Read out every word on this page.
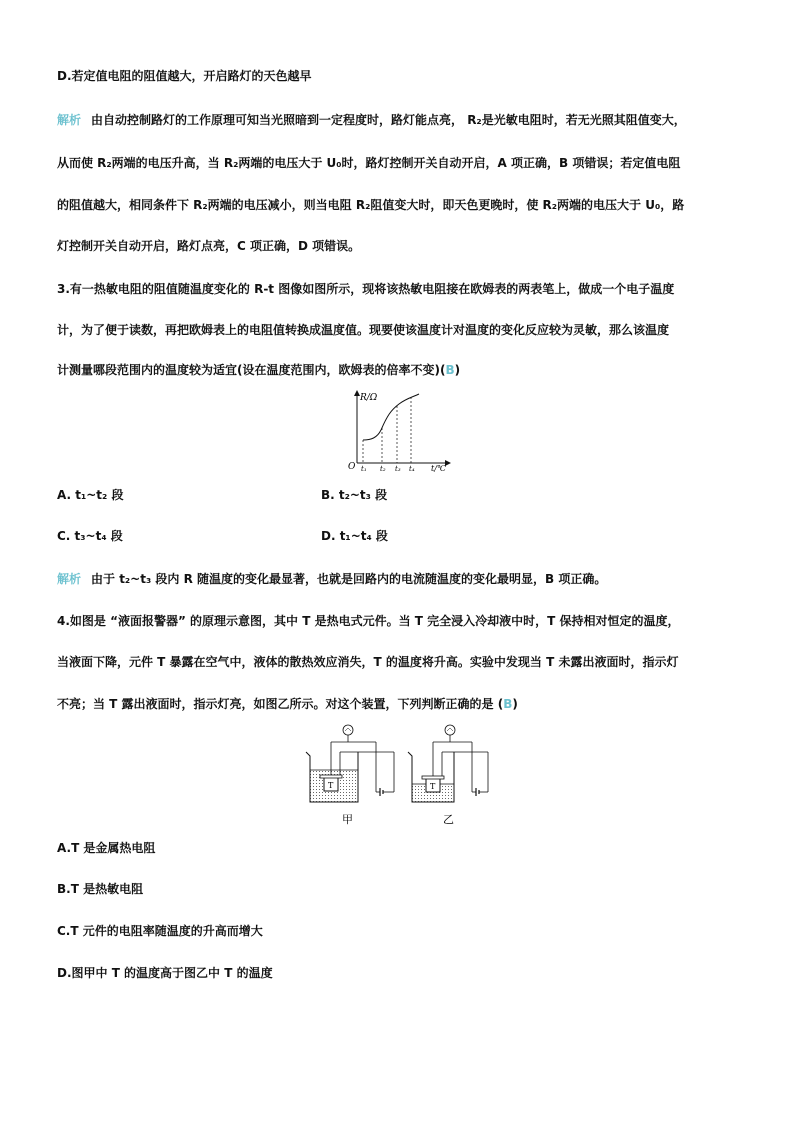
D.若定值电阻的阻值越大，开启路灯的天色越早
解析 由自动控制路灯的工作原理可知当光照暗到一定程度时，路灯能点亮， R₂是光敏电阻时，若无光照其阻值变大，
从而使 R₂两端的电压升高，当 R₂两端的电压大于 U₀时，路灯控制开关自动开启，A 项正确，B 项错误；若定值电阻
的阻值越大，相同条件下 R₂两端的电压减小，则当电阻 R₂阻值变大时，即天色更晚时，使 R₂两端的电压大于 U₀，路
灯控制开关自动开启，路灯点亮，C 项正确，D 项错误。
3.有一热敏电阻的阻值随温度变化的 R-t 图像如图所示，现将该热敏电阻接在欧姆表的两表笔上，做成一个电子温度
计，为了便于读数，再把欧姆表上的电阻值转换成温度值。现要使该温度计对温度的变化反应较为灵敏，那么该温度
计测量哪段范围内的温度较为适宜(设在温度范围内，欧姆表的倍率不变)(B)
R/Ω
O t₁ t₂ t₃ t₄ t/℃
A. t₁~t₂ 段	B. t₂~t₃ 段
C. t₃~t₄ 段	D. t₁~t₄ 段
解析 由于 t₂~t₃ 段内 R 随温度的变化最显著，也就是回路内的电流随温度的变化最明显，B 项正确。
4.如图是 “液面报警器” 的原理示意图，其中 T 是热电式元件。当 T 完全浸入冷却液中时，T 保持相对恒定的温度，
当液面下降，元件 T 暴露在空气中，液体的散热效应消失，T 的温度将升高。实验中发现当 T 未露出液面时，指示灯
不亮；当 T 露出液面时，指示灯亮，如图乙所示。对这个装置，下列判断正确的是 (B)
T
甲
T
乙
A.T 是金属热电阻
B.T 是热敏电阻
C.T 元件的电阻率随温度的升高而增大
D.图甲中 T 的温度高于图乙中 T 的温度
